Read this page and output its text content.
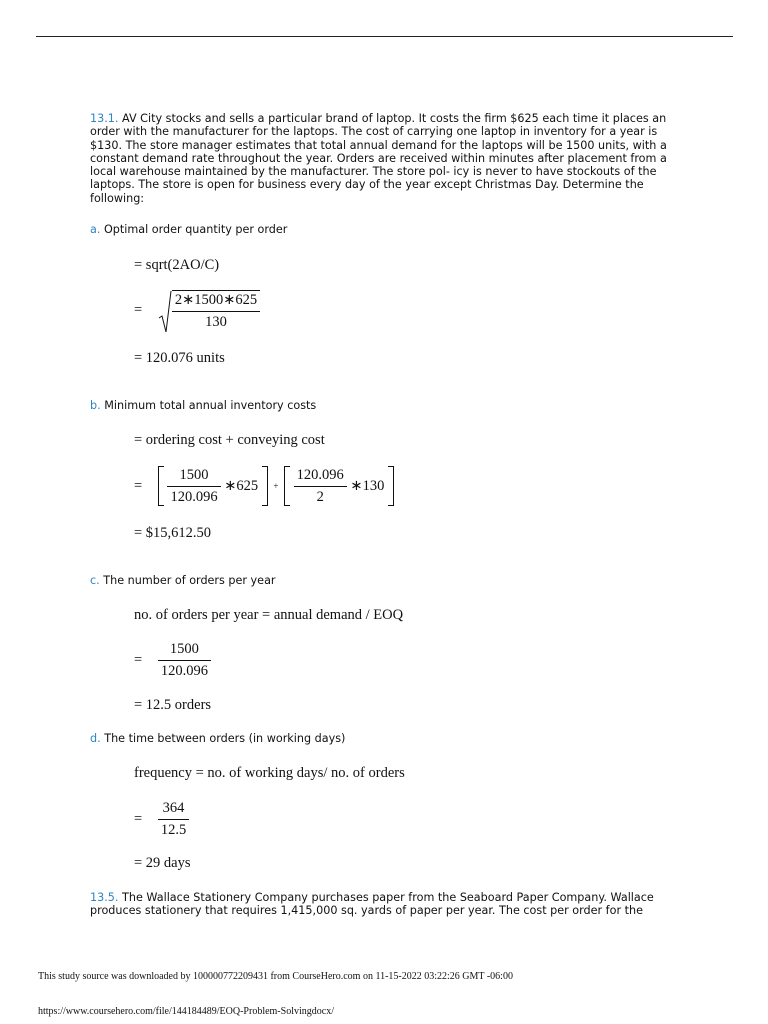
13.1. AV City stocks and sells a particular brand of laptop. It costs the firm $625 each time it places an order with the manufacturer for the laptops. The cost of carrying one laptop in inventory for a year is $130. The store manager estimates that total annual demand for the laptops will be 1500 units, with a constant demand rate throughout the year. Orders are received within minutes after placement from a local warehouse maintained by the manufacturer. The store pol- icy is never to have stockouts of the laptops. The store is open for business every day of the year except Christmas Day. Determine the following:
a. Optimal order quantity per order
= sqrt(2AO/C)
= $\frac{2∗1500∗625}{130}$
= 120.076 units
b. Minimum total annual inventory costs
= ordering cost + conveying cost
= $\frac{1500}{120.096}$ ∗625 + $\frac{120.096}{2}$ ∗130
= $15,612.50
c. The number of orders per year
no. of orders per year = annual demand / EOQ
= $\frac{1500}{120.096}$
= 12.5 orders
d. The time between orders (in working days)
frequency = no. of working days/ no. of orders
= $\frac{364}{12.5}$
= 29 days
13.5. The Wallace Stationery Company purchases paper from the Seaboard Paper Company. Wallace produces stationery that requires 1,415,000 sq. yards of paper per year. The cost per order for the
This study source was downloaded by 100000772209431 from CourseHero.com on 11-15-2022 03:22:26 GMT -06:00
https://www.coursehero.com/file/144184489/EOQ-Problem-Solvingdocx/
